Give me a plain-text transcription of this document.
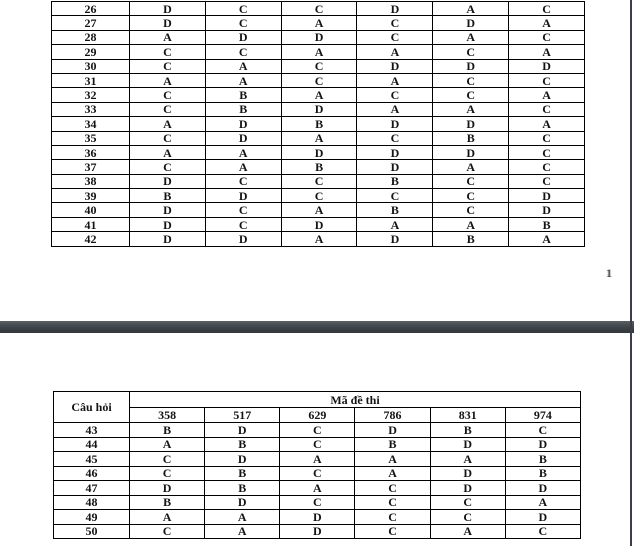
26	D	C	C	D	A	C
27	D	C	A	C	D	A
28	A	D	D	C	A	C
29	C	C	A	A	C	A
30	C	A	C	D	D	D
31	A	A	C	A	C	C
32	C	B	A	C	C	A
33	C	B	D	A	A	C
34	A	D	B	D	D	A
35	C	D	A	C	B	C
36	A	A	D	D	D	C
37	C	A	B	D	A	C
38	D	C	C	B	C	C
39	B	D	C	C	C	D
40	D	C	A	B	C	D
41	D	C	D	A	A	B
42	D	D	A	D	B	A
1
Câu hỏi	Mã đề thi					
	358	517	629	786	831	974
43	B	D	C	D	B	C
44	A	B	C	B	D	D
45	C	D	A	A	A	B
46	C	B	C	A	D	B
47	D	B	A	C	D	D
48	B	D	C	C	C	A
49	A	A	D	C	C	D
50	C	A	D	C	A	C
